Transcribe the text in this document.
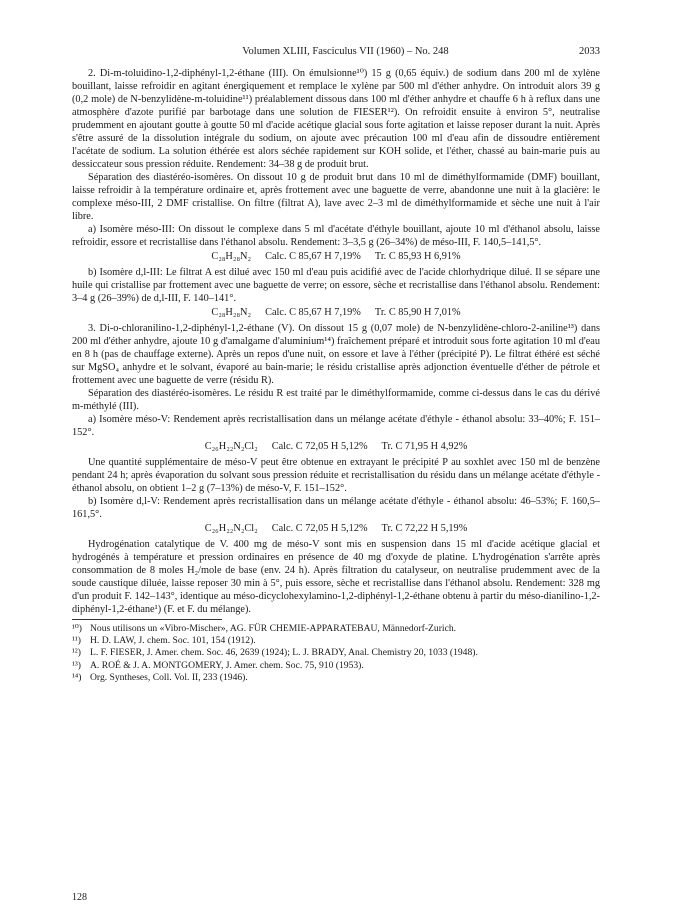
Volumen XLIII, Fasciculus VII (1960) – No. 248	2033

2. Di-m-toluidino-1,2-diphényl-1,2-éthane (III). On émulsionne¹⁰) 15 g (0,65 équiv.) de sodium dans 200 ml de xylène bouillant, laisse refroidir en agitant énergiquement et remplace le xylène par 500 ml d'éther anhydre. On introduit alors 39 g (0,2 mole) de N-benzylidène-m-toluidine¹¹) préalablement dissous dans 100 ml d'éther anhydre et chauffe 6 h à reflux dans une atmosphère d'azote purifié par barbotage dans une solution de FIESER¹²). On refroidit ensuite à environ 5°, neutralise prudemment en ajoutant goutte à goutte 50 ml d'acide acétique glacial sous forte agitation et laisse reposer durant la nuit. Après s'être assuré de la dissolution intégrale du sodium, on ajoute avec précaution 100 ml d'eau afin de dissoudre entièrement l'acétate de sodium. La solution éthérée est alors séchée rapidement sur KOH solide, et l'éther, chassé au bain-marie puis au dessiccateur sous pression réduite. Rendement: 34–38 g de produit brut.

Séparation des diastéréo-isomères. On dissout 10 g de produit brut dans 10 ml de diméthylformamide (DMF) bouillant, laisse refroidir à la température ordinaire et, après frottement avec une baguette de verre, abandonne une nuit à la glacière: le complexe méso-III, 2 DMF cristallise. On filtre (filtrat A), lave avec 2–3 ml de diméthylformamide et sèche une nuit à l'air libre.

a) Isomère méso-III: On dissout le complexe dans 5 ml d'acétate d'éthyle bouillant, ajoute 10 ml d'éthanol absolu, laisse refroidir, essore et recristallise dans l'éthanol absolu. Rendement: 3–3,5 g (26–34%) de méso-III, F. 140,5–141,5°.

C₂₈H₂₈N₂ Calc. C 85,67 H 7,19% Tr. C 85,93 H 6,91%

b) Isomère d,l-III: Le filtrat A est dilué avec 150 ml d'eau puis acidifié avec de l'acide chlorhydrique dilué. Il se sépare une huile qui cristallise par frottement avec une baguette de verre; on essore, sèche et recristallise dans l'éthanol absolu. Rendement: 3–4 g (26–39%) de d,l-III, F. 140–141°.

C₂₈H₂₈N₂ Calc. C 85,67 H 7,19% Tr. C 85,90 H 7,01%

3. Di-o-chloranilino-1,2-diphényl-1,2-éthane (V). On dissout 15 g (0,07 mole) de N-benzylidène-chloro-2-aniline¹³) dans 200 ml d'éther anhydre, ajoute 10 g d'amalgame d'aluminium¹⁴) fraîchement préparé et introduit sous forte agitation 10 ml d'eau en 8 h (pas de chauffage externe). Après un repos d'une nuit, on essore et lave à l'éther (précipité P). Le filtrat éthéré est séché sur MgSO₄ anhydre et le solvant, évaporé au bain-marie; le résidu cristallise après adjonction éventuelle d'éther de pétrole et frottement avec une baguette de verre (résidu R).

Séparation des diastéréo-isomères. Le résidu R est traité par le diméthylformamide, comme ci-dessus dans le cas du dérivé m-méthylé (III).

a) Isomère méso-V: Rendement après recristallisation dans un mélange acétate d'éthyle - éthanol absolu: 33–40%; F. 151–152°.

C₂₆H₂₂N₂Cl₂ Calc. C 72,05 H 5,12% Tr. C 71,95 H 4,92%

Une quantité supplémentaire de méso-V peut être obtenue en extrayant le précipité P au soxhlet avec 150 ml de benzène pendant 24 h; après évaporation du solvant sous pression réduite et recristallisation du résidu dans un mélange acétate d'éthyle - éthanol absolu, on obtient 1–2 g (7–13%) de méso-V, F. 151–152°.

b) Isomère d,l-V: Rendement après recristallisation dans un mélange acétate d'éthyle - éthanol absolu: 46–53%; F. 160,5–161,5°.

C₂₆H₂₂N₂Cl₂ Calc. C 72,05 H 5,12% Tr. C 72,22 H 5,19%

Hydrogénation catalytique de V. 400 mg de méso-V sont mis en suspension dans 15 ml d'acide acétique glacial et hydrogénés à température et pression ordinaires en présence de 40 mg d'oxyde de platine. L'hydrogénation s'arrête après consommation de 8 moles H₂/mole de base (env. 24 h). Après filtration du catalyseur, on neutralise prudemment avec de la soude caustique diluée, laisse reposer 30 min à 5°, puis essore, sèche et recristallise dans l'éthanol absolu. Rendement: 328 mg d'un produit F. 142–143°, identique au méso-dicyclohexylamino-1,2-diphényl-1,2-éthane obtenu à partir du méso-dianilino-1,2-diphényl-1,2-éthane¹) (F. et F. du mélange).

¹⁰) Nous utilisons un «Vibro-Mischer», AG. FÜR CHEMIE-APPARATEBAU, Männedorf-Zurich.

¹¹) H. D. LAW, J. chem. Soc. 101, 154 (1912).

¹²) L. F. FIESER, J. Amer. chem. Soc. 46, 2639 (1924); L. J. BRADY, Anal. Chemistry 20, 1033 (1948).

¹³) A. ROÉ & J. A. MONTGOMERY, J. Amer. chem. Soc. 75, 910 (1953).

¹⁴) Org. Syntheses, Coll. Vol. II, 233 (1946).

128
